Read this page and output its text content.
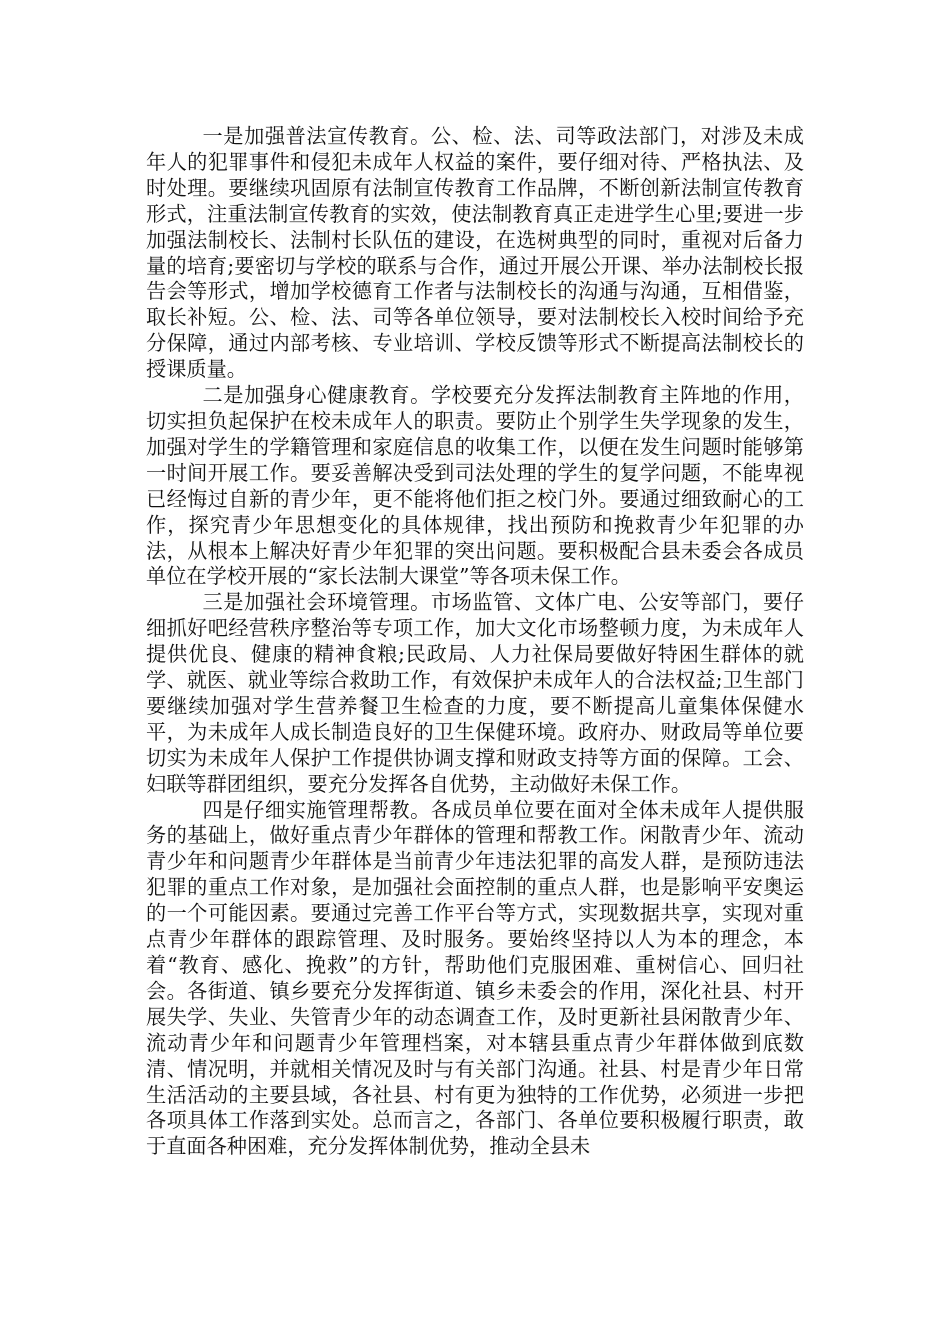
一是加强普法宣传教育。公、检、法、司等政法部门，对涉及未成年人的犯罪事件和侵犯未成年人权益的案件，要仔细对待、严格执法、及时处理。要继续巩固原有法制宣传教育工作品牌，不断创新法制宣传教育形式，注重法制宣传教育的实效，使法制教育真正走进学生心里;要进一步加强法制校长、法制村长队伍的建设，在选树典型的同时，重视对后备力量的培育;要密切与学校的联系与合作，通过开展公开课、举办法制校长报告会等形式，增加学校德育工作者与法制校长的沟通与沟通，互相借鉴，取长补短。公、检、法、司等各单位领导，要对法制校长入校时间给予充分保障，通过内部考核、专业培训、学校反馈等形式不断提高法制校长的授课质量。

二是加强身心健康教育。学校要充分发挥法制教育主阵地的作用，切实担负起保护在校未成年人的职责。要防止个别学生失学现象的发生，加强对学生的学籍管理和家庭信息的收集工作，以便在发生问题时能够第一时间开展工作。要妥善解决受到司法处理的学生的复学问题，不能卑视已经悔过自新的青少年，更不能将他们拒之校门外。要通过细致耐心的工作，探究青少年思想变化的具体规律，找出预防和挽救青少年犯罪的办法，从根本上解决好青少年犯罪的突出问题。要积极配合县未委会各成员单位在学校开展的“家长法制大课堂”等各项未保工作。

三是加强社会环境管理。市场监管、文体广电、公安等部门，要仔细抓好吧经营秩序整治等专项工作，加大文化市场整顿力度，为未成年人提供优良、健康的精神食粮;民政局、人力社保局要做好特困生群体的就学、就医、就业等综合救助工作，有效保护未成年人的合法权益;卫生部门要继续加强对学生营养餐卫生检查的力度，要不断提高儿童集体保健水平，为未成年人成长制造良好的卫生保健环境。政府办、财政局等单位要切实为未成年人保护工作提供协调支撑和财政支持等方面的保障。工会、妇联等群团组织，要充分发挥各自优势，主动做好未保工作。

四是仔细实施管理帮教。各成员单位要在面对全体未成年人提供服务的基础上，做好重点青少年群体的管理和帮教工作。闲散青少年、流动青少年和问题青少年群体是当前青少年违法犯罪的高发人群，是预防违法犯罪的重点工作对象，是加强社会面控制的重点人群，也是影响平安奥运的一个可能因素。要通过完善工作平台等方式，实现数据共享，实现对重点青少年群体的跟踪管理、及时服务。要始终坚持以人为本的理念，本着“教育、感化、挽救”的方针，帮助他们克服困难、重树信心、回归社会。各街道、镇乡要充分发挥街道、镇乡未委会的作用，深化社县、村开展失学、失业、失管青少年的动态调查工作，及时更新社县闲散青少年、流动青少年和问题青少年管理档案，对本辖县重点青少年群体做到底数清、情况明，并就相关情况及时与有关部门沟通。社县、村是青少年日常生活活动的主要县域，各社县、村有更为独特的工作优势，必须进一步把各项具体工作落到实处。总而言之，各部门、各单位要积极履行职责，敢于直面各种困难，充分发挥体制优势，推动全县未
